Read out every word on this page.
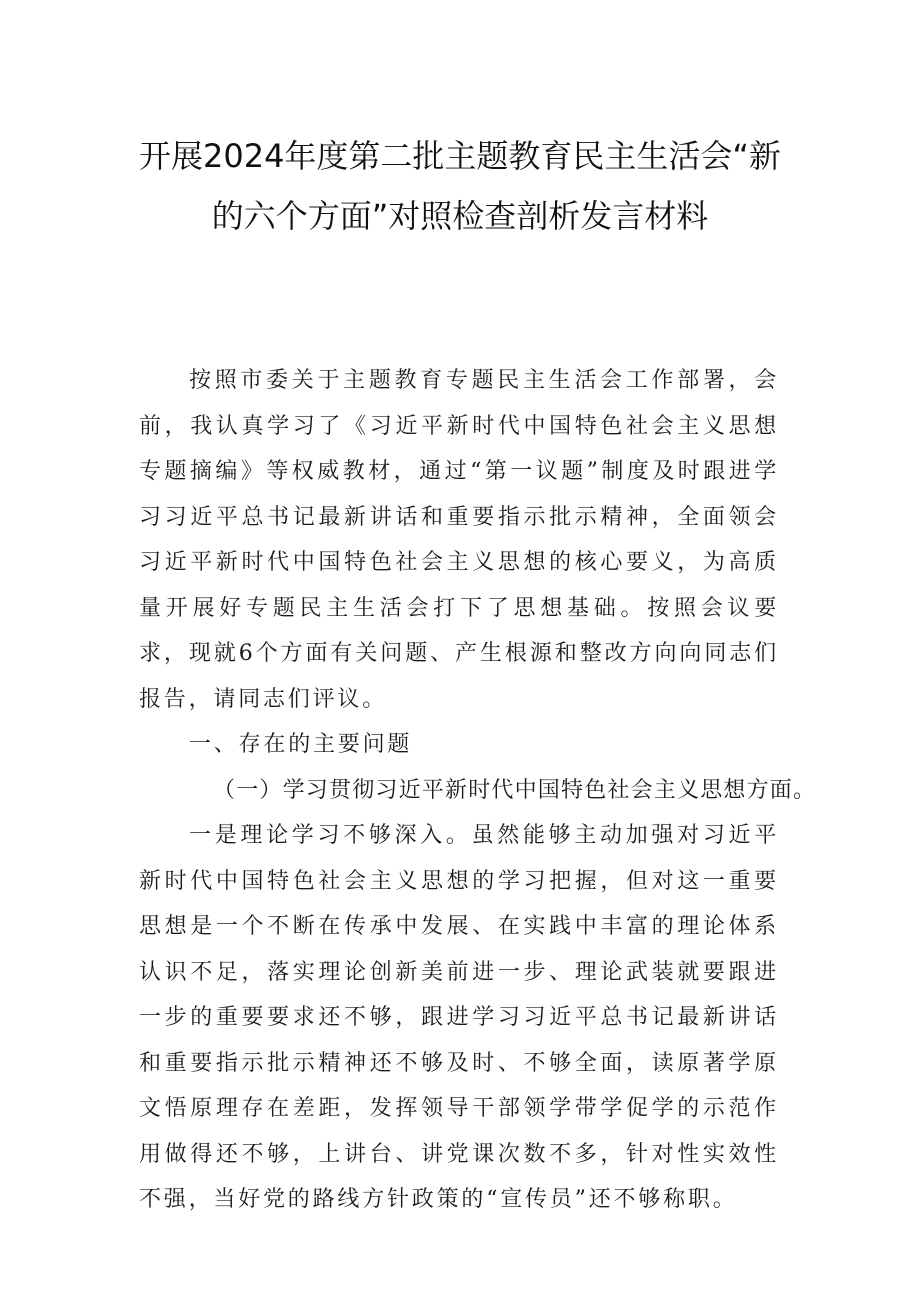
开展2024年度第二批主题教育民主生活会“新
的六个方面”对照检查剖析发言材料

按照市委关于主题教育专题民主生活会工作部署，会前，我认真学习了《习近平新时代中国特色社会主义思想专题摘编》等权威教材，通过“第一议题”制度及时跟进学习习近平总书记最新讲话和重要指示批示精神，全面领会习近平新时代中国特色社会主义思想的核心要义，为高质量开展好专题民主生活会打下了思想基础。按照会议要求，现就6个方面有关问题、产生根源和整改方向向同志们报告，请同志们评议。

一、存在的主要问题

（一）学习贯彻习近平新时代中国特色社会主义思想方面。

一是理论学习不够深入。虽然能够主动加强对习近平新时代中国特色社会主义思想的学习把握，但对这一重要思想是一个不断在传承中发展、在实践中丰富的理论体系认识不足，落实理论创新美前进一步、理论武装就要跟进一步的重要要求还不够，跟进学习习近平总书记最新讲话和重要指示批示精神还不够及时、不够全面，读原著学原文悟原理存在差距，发挥领导干部领学带学促学的示范作用做得还不够，上讲台、讲党课次数不多，针对性实效性不强，当好党的路线方针政策的“宣传员”还不够称职。
